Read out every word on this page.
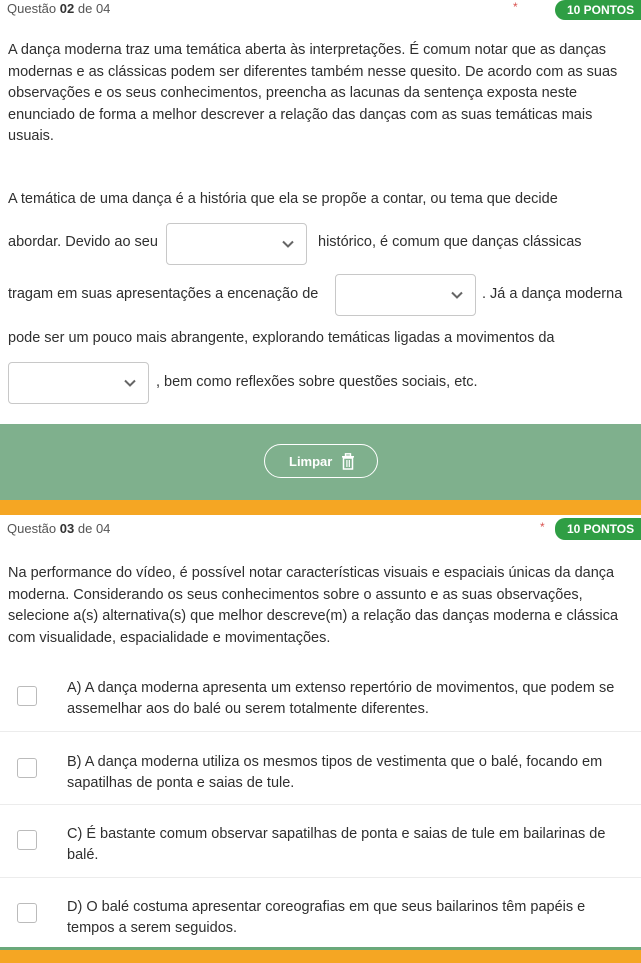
Questão 02 de 04	*	10 PONTOS
A dança moderna traz uma temática aberta às interpretações. É comum notar que as danças modernas e as clássicas podem ser diferentes também nesse quesito. De acordo com as suas observações e os seus conhecimentos, preencha as lacunas da sentença exposta neste enunciado de forma a melhor descrever a relação das danças com as suas temáticas mais usuais.
A temática de uma dança é a história que ela se propõe a contar, ou tema que decide
abordar. Devido ao seu	histórico, é comum que danças clássicas
tragam em suas apresentações a encenação de	. Já a dança moderna
pode ser um pouco mais abrangente, explorando temáticas ligadas a movimentos da
, bem como reflexões sobre questões sociais, etc.
Limpar
Questão 03 de 04	*	10 PONTOS
Na performance do vídeo, é possível notar características visuais e espaciais únicas da dança moderna. Considerando os seus conhecimentos sobre o assunto e as suas observações, selecione a(s) alternativa(s) que melhor descreve(m) a relação das danças moderna e clássica com visualidade, espacialidade e movimentações.
A) A dança moderna apresenta um extenso repertório de movimentos, que podem se assemelhar aos do balé ou serem totalmente diferentes.
B) A dança moderna utiliza os mesmos tipos de vestimenta que o balé, focando em sapatilhas de ponta e saias de tule.
C) É bastante comum observar sapatilhas de ponta e saias de tule em bailarinas de balé.
D) O balé costuma apresentar coreografias em que seus bailarinos têm papéis e tempos a serem seguidos.
